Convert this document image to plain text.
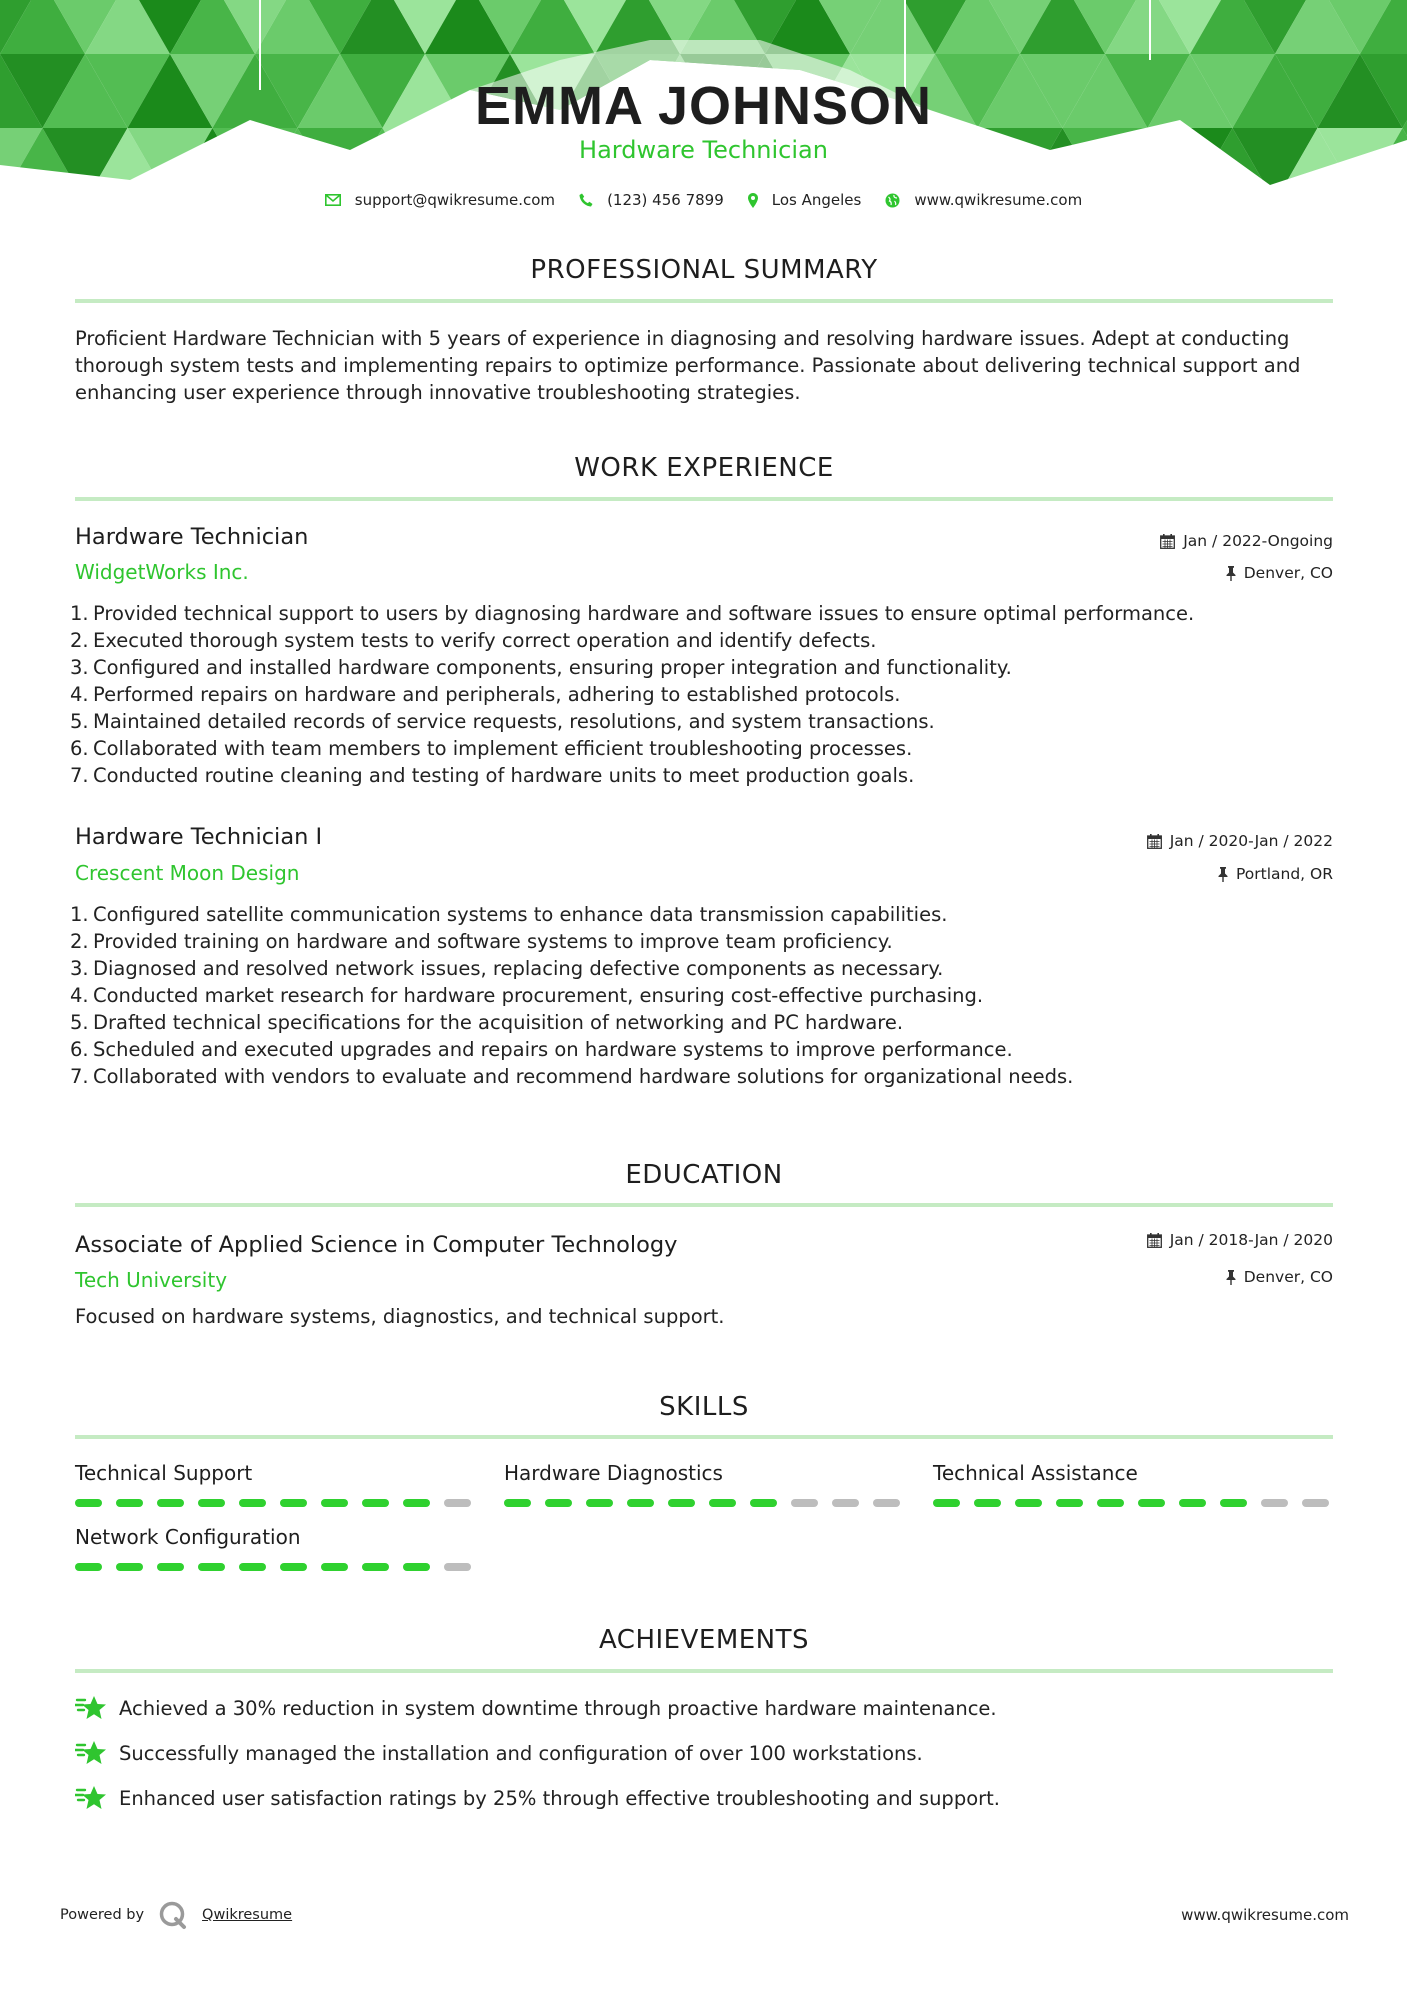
EMMA JOHNSON
Hardware Technician
support@qwikresume.com	(123) 456 7899	Los Angeles	www.qwikresume.com
PROFESSIONAL SUMMARY
Proficient Hardware Technician with 5 years of experience in diagnosing and resolving hardware issues. Adept at conducting thorough system tests and implementing repairs to optimize performance. Passionate about delivering technical support and enhancing user experience through innovative troubleshooting strategies.
WORK EXPERIENCE
Hardware Technician
WidgetWorks Inc.
Jan / 2022-Ongoing
Denver, CO
1. Provided technical support to users by diagnosing hardware and software issues to ensure optimal performance.
2. Executed thorough system tests to verify correct operation and identify defects.
3. Configured and installed hardware components, ensuring proper integration and functionality.
4. Performed repairs on hardware and peripherals, adhering to established protocols.
5. Maintained detailed records of service requests, resolutions, and system transactions.
6. Collaborated with team members to implement efficient troubleshooting processes.
7. Conducted routine cleaning and testing of hardware units to meet production goals.
Hardware Technician I
Crescent Moon Design
Jan / 2020-Jan / 2022
Portland, OR
1. Configured satellite communication systems to enhance data transmission capabilities.
2. Provided training on hardware and software systems to improve team proficiency.
3. Diagnosed and resolved network issues, replacing defective components as necessary.
4. Conducted market research for hardware procurement, ensuring cost-effective purchasing.
5. Drafted technical specifications for the acquisition of networking and PC hardware.
6. Scheduled and executed upgrades and repairs on hardware systems to improve performance.
7. Collaborated with vendors to evaluate and recommend hardware solutions for organizational needs.
EDUCATION
Associate of Applied Science in Computer Technology
Tech University
Jan / 2018-Jan / 2020
Denver, CO
Focused on hardware systems, diagnostics, and technical support.
SKILLS
Technical Support	Hardware Diagnostics	Technical Assistance
Network Configuration
ACHIEVEMENTS
Achieved a 30% reduction in system downtime through proactive hardware maintenance.
Successfully managed the installation and configuration of over 100 workstations.
Enhanced user satisfaction ratings by 25% through effective troubleshooting and support.
Powered by	Qwikresume	www.qwikresume.com
